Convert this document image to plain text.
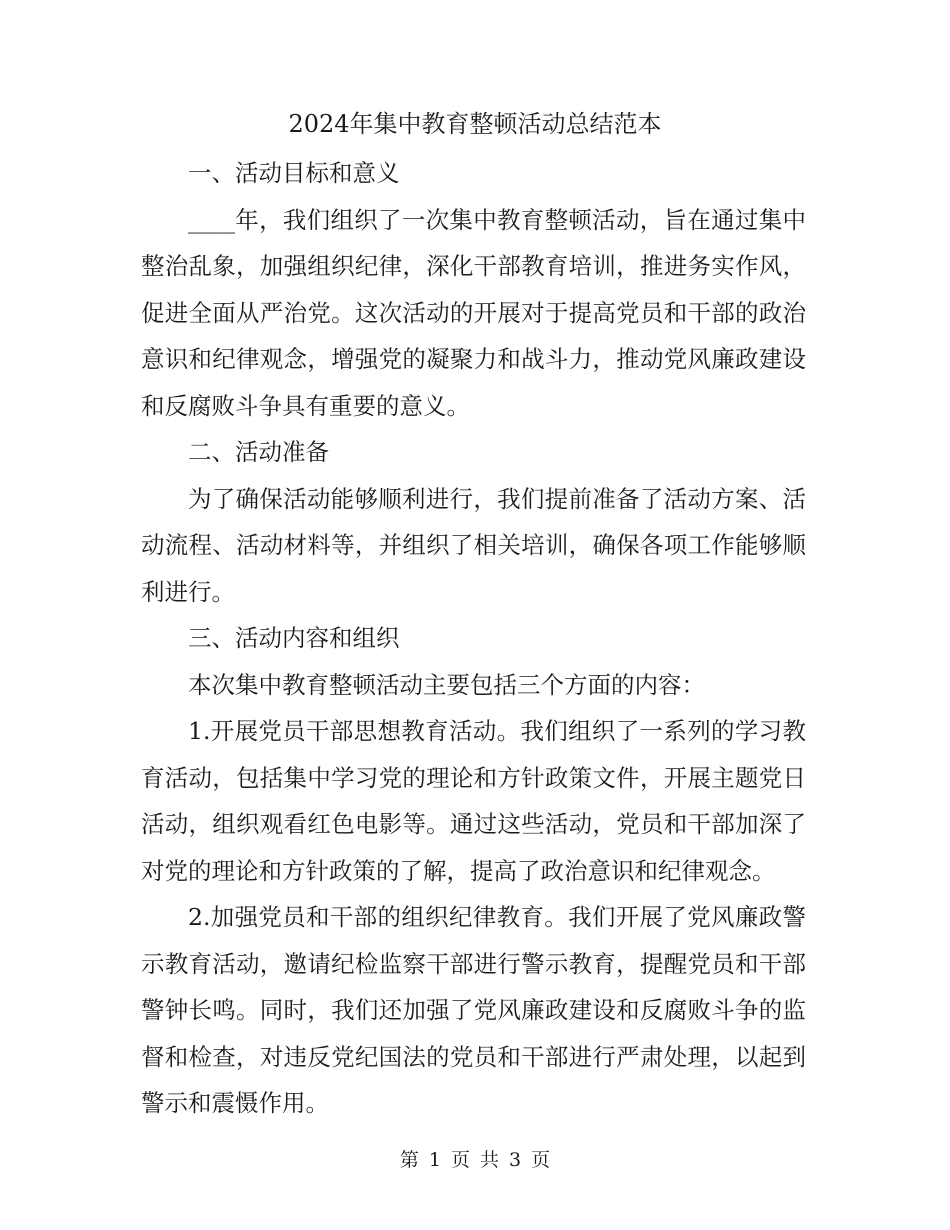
2024年集中教育整顿活动总结范本

一、活动目标和意义

____年，我们组织了一次集中教育整顿活动，旨在通过集中整治乱象，加强组织纪律，深化干部教育培训，推进务实作风，促进全面从严治党。这次活动的开展对于提高党员和干部的政治意识和纪律观念，增强党的凝聚力和战斗力，推动党风廉政建设和反腐败斗争具有重要的意义。

二、活动准备

为了确保活动能够顺利进行，我们提前准备了活动方案、活动流程、活动材料等，并组织了相关培训，确保各项工作能够顺利进行。

三、活动内容和组织

本次集中教育整顿活动主要包括三个方面的内容：

1.开展党员干部思想教育活动。我们组织了一系列的学习教育活动，包括集中学习党的理论和方针政策文件，开展主题党日活动，组织观看红色电影等。通过这些活动，党员和干部加深了对党的理论和方针政策的了解，提高了政治意识和纪律观念。

2.加强党员和干部的组织纪律教育。我们开展了党风廉政警示教育活动，邀请纪检监察干部进行警示教育，提醒党员和干部警钟长鸣。同时，我们还加强了党风廉政建设和反腐败斗争的监督和检查，对违反党纪国法的党员和干部进行严肃处理，以起到警示和震慑作用。

第 1 页 共 3 页
